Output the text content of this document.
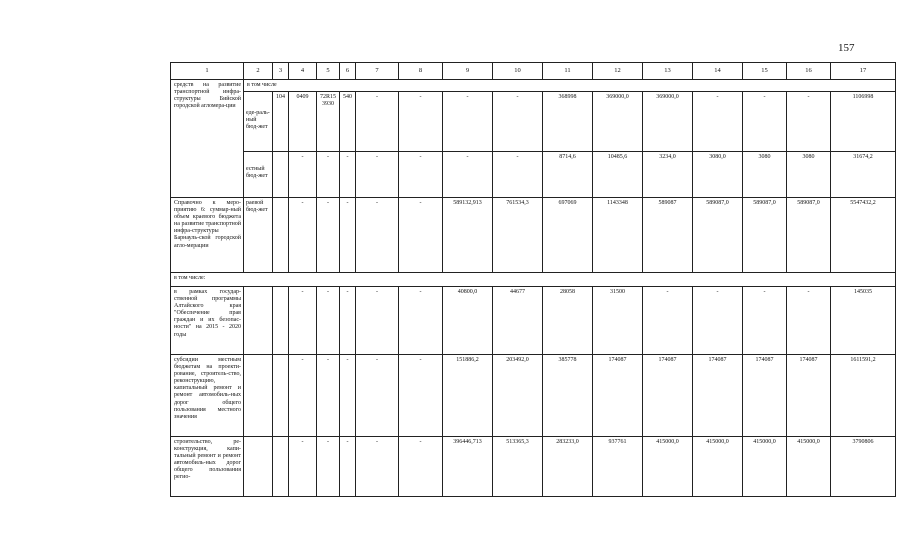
157
1	2	3	4	5	6	7	8	9	10	11	12	13	14	15	16	17
средств на развитие транспортной инфра-структуры Бийской городской агломера-ции	в том числе															

еде-раль-ный бюд-жет	104	0409	72R15 3930	540	-	-	-	-	368998	369000,0	369000,0	-	-	-	1106998

естный бюд-жет		-	-	-	-	-	-	-	8714,6	10485,6	3234,0	3080,0	3080	3080	31674,2
Справочно к меро-приятию 6: суммар-ный объем краевого бюджета на развитие транспортной инфра-структуры Барнауль-ской городской агло-мерации	раевой бюд-жет		-	-	-	-	-	589132,913	761534,3	697069	1143348	589087	589087,0	589087,0	589087,0	5547432,2
в том числе:																
в рамках государ-ственной программы Алтайского края "Обеспечение прав граждан и их безопас-ности" на 2015 - 2020 годы			-	-	-	-	-	40800,0	44677	28058	31500	-	-	-	-	145035
субсидии местным бюджетам на проекти-рование, строитель-ство, реконструкцию, капитальный ремонт и ремонт автомобиль-ных дорог общего пользования местного значения			-	-	-	-	-	151886,2	203492,0	385778	174087	174087	174087	174087	174087	1611591,2
строительство, ре-конструкция, капи-тальный ремонт и ремонт автомобиль-ных дорог общего пользования регио-			-	-	-	-	-	396446,713	513365,3	283233,0	937761	415000,0	415000,0	415000,0	415000,0	3790806
